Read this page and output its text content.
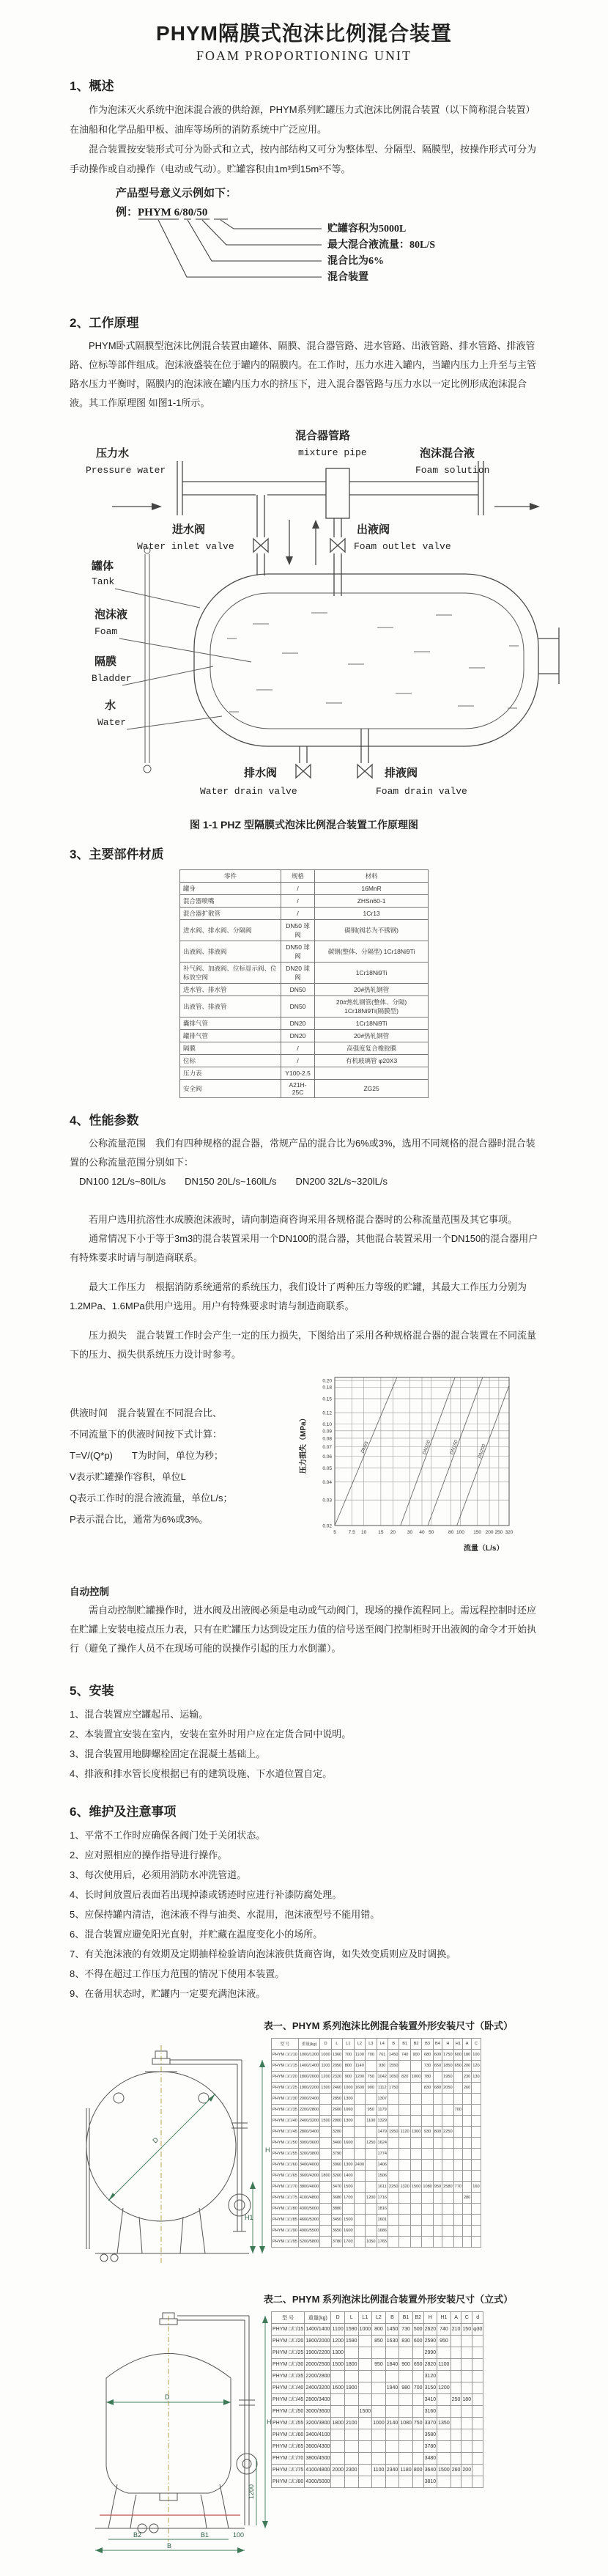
PHYM隔膜式泡沫比例混合装置
FOAM PROPORTIONING UNIT
1、概述

作为泡沫灭火系统中泡沫混合液的供给源，PHYM系列贮罐压力式泡沫比例混合装置（以下简称混合装置）在油船和化学品船甲板、油库等场所的消防系统中广泛应用。

混合装置按安装形式可分为卧式和立式，按内部结构又可分为整体型、分隔型、隔膜型，按操作形式可分为手动操作或自动操作（电动或气动）。贮罐容积由1m³到15m³不等。

产品型号意义示例如下：
例：PHYM 6/80/50
贮罐容积为5000L
最大混合液流量：80L/S
混合比为6%
混合装置
2、工作原理

PHYM卧式隔膜型泡沫比例混合装置由罐体、隔膜、混合器管路、进水管路、出液管路、排水管路、排液管路、位标等部件组成。泡沫液盛装在位于罐内的隔膜内。在工作时，压力水进入罐内，当罐内压力上升至与主管路水压力平衡时，隔膜内的泡沫液在罐内压力水的挤压下，进入混合器管路与压力水以一定比例形成泡沫混合液。其工作原理图 如图1-1所示。

压力水
Pressure water
混合器管路
mixture pipe	泡沫混合液
Foam solution
进水阀
Water inlet valve
出液阀
Foam outlet valve
罐体
Tank
泡沫液
Foam
隔膜
Bladder
水
Water
排水阀
Water drain valve
排液阀
Foam drain valve
图 1-1 PHZ 型隔膜式泡沫比例混合装置工作原理图
3、主要部件材质
零件	规格	材料
罐身	/	16MnR
混合器喷嘴	/	ZHSn60-1
混合器扩散管	/	1Cr13
进水阀、排水阀、分隔阀	DN50 球阀	碳钢(阀芯为不锈钢)
出液阀、排液阀	DN50 球阀	碳钢(整体、分隔型) 1Cr18Ni9Ti
补气阀、加液阀、位标显示阀、位标放空阀	DN20 球阀	1Cr18Ni9Ti
进水管、排水管	DN50	20#热轧钢管
出液管、排液管	DN50	20#热轧钢管(整体、分隔) 1Cr18Ni9Ti(隔膜型)
囊排气管	DN20	1Cr18Ni9Ti
罐排气管	DN20	20#热轧钢管
隔膜	/	高强度复合橡胶膜
位标	/	有机玻璃管 φ20X3
压力表	Y100-2.5	
安全阀	A21H-25C	ZG25
4、性能参数

公称流量范围　我们有四种规格的混合器，常规产品的混合比为6%或3%，选用不同规格的混合器时混合装置的公称流量范围分别如下：

DN100 12L/s~80lL/s　　DN150 20L/s~160lL/s　　DN200 32L/s~320lL/s

若用户选用抗溶性水成膜泡沫液时，请向制造商咨询采用各规格混合器时的公称流量范围及其它事项。

通常情况下小于等于3m3的混合装置采用一个DN100的混合器，其他混合装置采用一个DN150的混合器用户有特殊要求时请与制造商联系。

最大工作压力　根据消防系统通常的系统压力，我们设计了两种压力等级的贮罐，其最大工作压力分别为1.2MPa、1.6MPa供用户选用。用户有特殊要求时请与制造商联系。

压力损失　混合装置工作时会产生一定的压力损失，下图给出了采用各种规格混合器的混合装置在不同流量下的压力、损失供系统压力设计时参考。

供液时间　混合装置在不同混合比、

不同流量下的供液时间按下式计算：

T=V/(Q*p)　　T为时间，单位为秒；

V表示贮罐操作容积，单位L

Q表示工作时的混合液流量，单位L/s；

P表示混合比，通常为6%或3%。

5	7.5 10 15 20 30 40 50	80 100 150 200 250 320
0.02
0.03
0.04
0.05
0.06
0.07
0.08
0.09
0.10
0.12
0.15
0.18
0.20
DN65	DN100	DN150	DN200
压力损失（MPa）
流量（L/s）
自动控制

需自动控制贮罐操作时，进水阀及出液阀必须是电动或气动阀门，现场的操作流程同上。需远程控制时还应在贮罐上安装电接点压力表，只有在贮罐压力达到设定压力值的信号送至阀门控制柜时开出液阀的命令才开始执行（避免了操作人员不在现场可能的误操作引起的压力水倒灌）。

5、安装

1、混合装置应空罐起吊、运输。

2、本装置宜安装在室内，安装在室外时用户应在定货合同中说明。

3、混合装置用地脚螺栓固定在混凝土基础上。

4、排液和排水管长度根据已有的建筑设施、下水道位置自定。

6、维护及注意事项

1、平常不工作时应确保各阀门处于关闭状态。

2、应对照相应的操作指导进行操作。

3、每次使用后，必须用消防水冲洗管道。

4、长时间放置后表面若出现掉漆或锈迹时应进行补漆防腐处理。

5、应保持罐内清洁，泡沫液不得与油类、水混用，泡沫液型号不能用错。

6、混合装置应避免阳光直射，并贮藏在温度变化小的场所。

7、有关泡沫液的有效期及定期抽样检验请向泡沫液供货商咨询，如失效变质则应及时调换。

8、不得在超过工作压力范围的情况下使用本装置。

9、在备用状态时，贮罐内一定要充满泡沫液。

表一、PHYM 系列泡沫比例混合装置外形安装尺寸（卧式）
D
H
H1
型 号	重量(kg)	D	L	L1	L2	L3	L4	B	B1	B2	B3	B4	H	H1	A	C
PHYM □/□/10	1000/1200	1000	1360	700	1100	700	761	1450	740	900	680	600	1750	600	180	100
PHYM □/□/15	1400/1400	1100	2050	800	1140		930	1550			730	650	1850	650	200	120
PHYM □/□/20	1800/2000	1200	2320	900	1200	750	1042	1650	820	1000	780		1950		230	130
PHYM □/□/25	1900/2200	1300	2460	1000	1600	900	1112	1750			830	680	2050		260	
PHYM □/□/30	2000/2400		2850	1300			1307									
PHYM □/□/35	2200/2800		2600	1060		950	1179							700		
PHYM □/□/40	2400/3200	1500	2900	1300		1100	1329									
PHYM □/□/45	2800/3400		3200				1479	1950	1120	1300	930	800	2250			
PHYM □/□/50	3000/3600		3460	1600		1250	1624									
PHYM □/□/55	3200/3800		3790				1774									
PHYM □/□/60	3400/4000		3060	1300	2400		1406									
PHYM □/□/65	3600/4300	1800	3260	1400			1506									
PHYM □/□/70	3800/4600		3470	1500			1611	2250	1320	1500	1080	950	2580	770		160
PHYM □/□/75	4100/4800		3680	1700		1200	1716								280	
PHYM □/□/80	4300/5000		3880				1816									
PHYM □/□/85	4600/5300		3450	1500			1601									
PHYM □/□/90	4900/5500		3650	1600			1686									
PHYM □/□/95	5200/5800		3780	1700		1050	1765									
表二、PHYM 系列泡沫比例混合装置外形安装尺寸（立式）
D
H
1200
100
B2	B1
B
型 号	重量(kg)	D	L	L1	L2	B	B1	B2	H	H1	A	C	d
PHYM □/□/15	1400/1400	1100	1590	1000	800	1450	730	500	2620	740	210	150	φ30
PHYM □/□/20	1800/2000	1200	1590		850	1630	830	600	2590	950			
PHYM □/□/25	1900/2200	1300							2990				
PHYM □/□/30	2000/2500	1500	1800		950	1840	900	650	2820	1100			
PHYM □/□/35	2200/2800								3120				
PHYM □/□/40	2400/3200	1600	1900			1940	980	700	3150	1200			
PHYM □/□/45	2800/3400								3410		250	180	
PHYM □/□/50	3000/3600			1500					3160				
PHYM □/□/55	3200/3800	1800	2100		1000	2140	1080	750	3370	1350			
PHYM □/□/60	3400/4100								3580				
PHYM □/□/65	3600/4300								3780				
PHYM □/□/70	3800/4500								3480				
PHYM □/□/75	4100/4800	2000	2300		1100	2340	1180	800	3640	1500	260	200	
PHYM □/□/80	4300/5000								3810				
